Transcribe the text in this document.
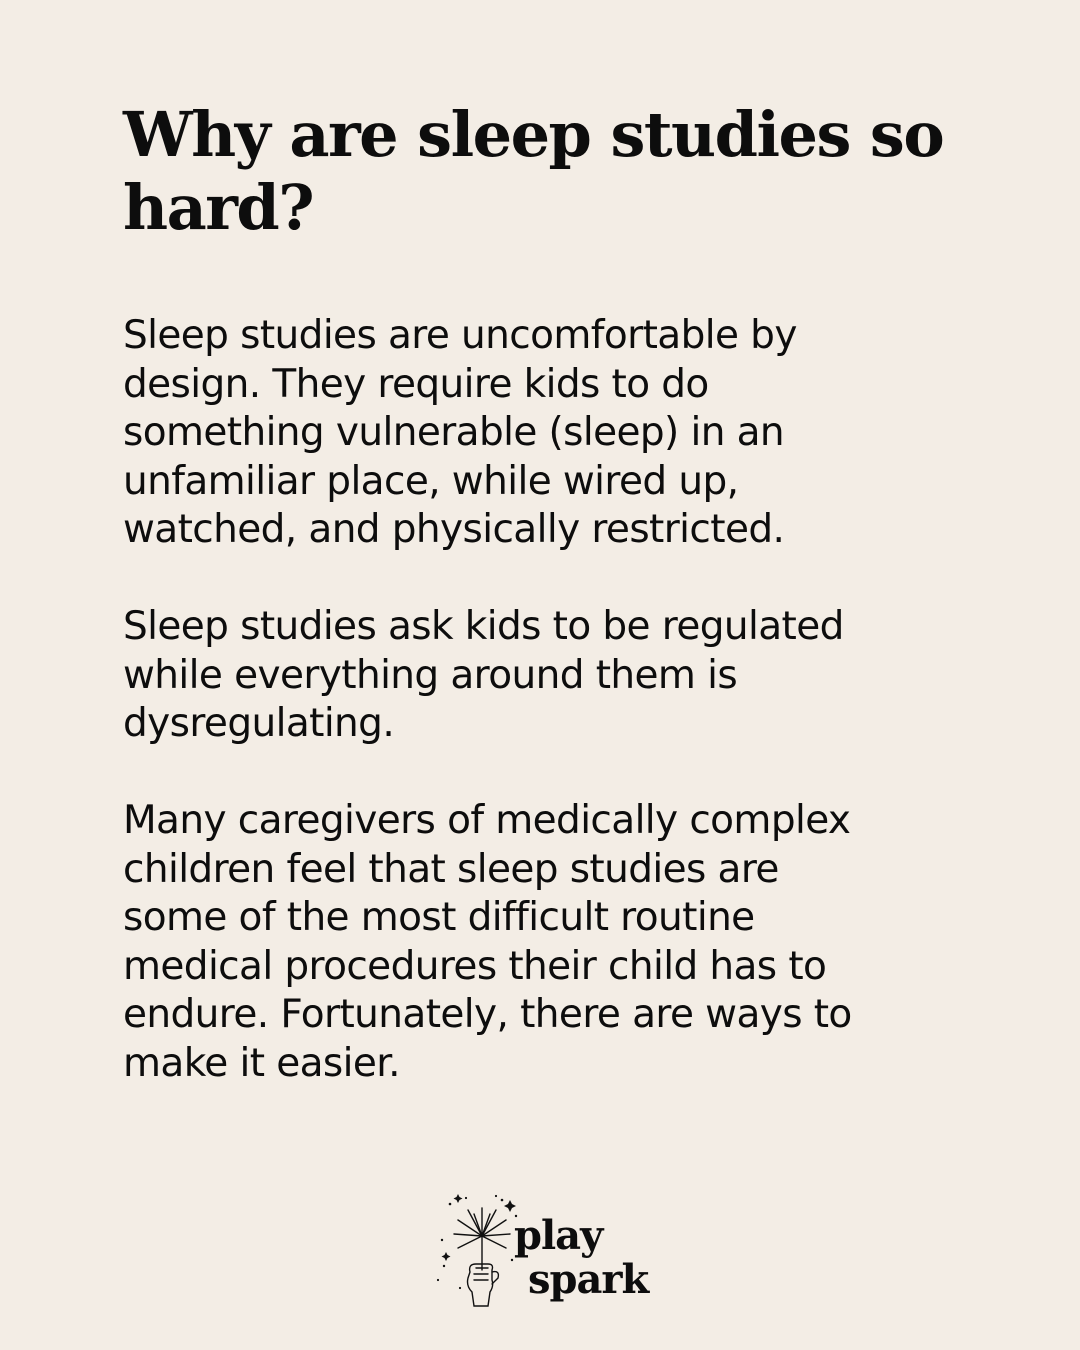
Why are sleep studies so hard?

Sleep studies are uncomfortable by
design. They require kids to do
something vulnerable (sleep) in an
unfamiliar place, while wired up,
watched, and physically restricted.

Sleep studies ask kids to be regulated
while everything around them is
dysregulating.

Many caregivers of medically complex
children feel that sleep studies are
some of the most difficult routine
medical procedures their child has to
endure. Fortunately, there are ways to
make it easier.

play
spark
